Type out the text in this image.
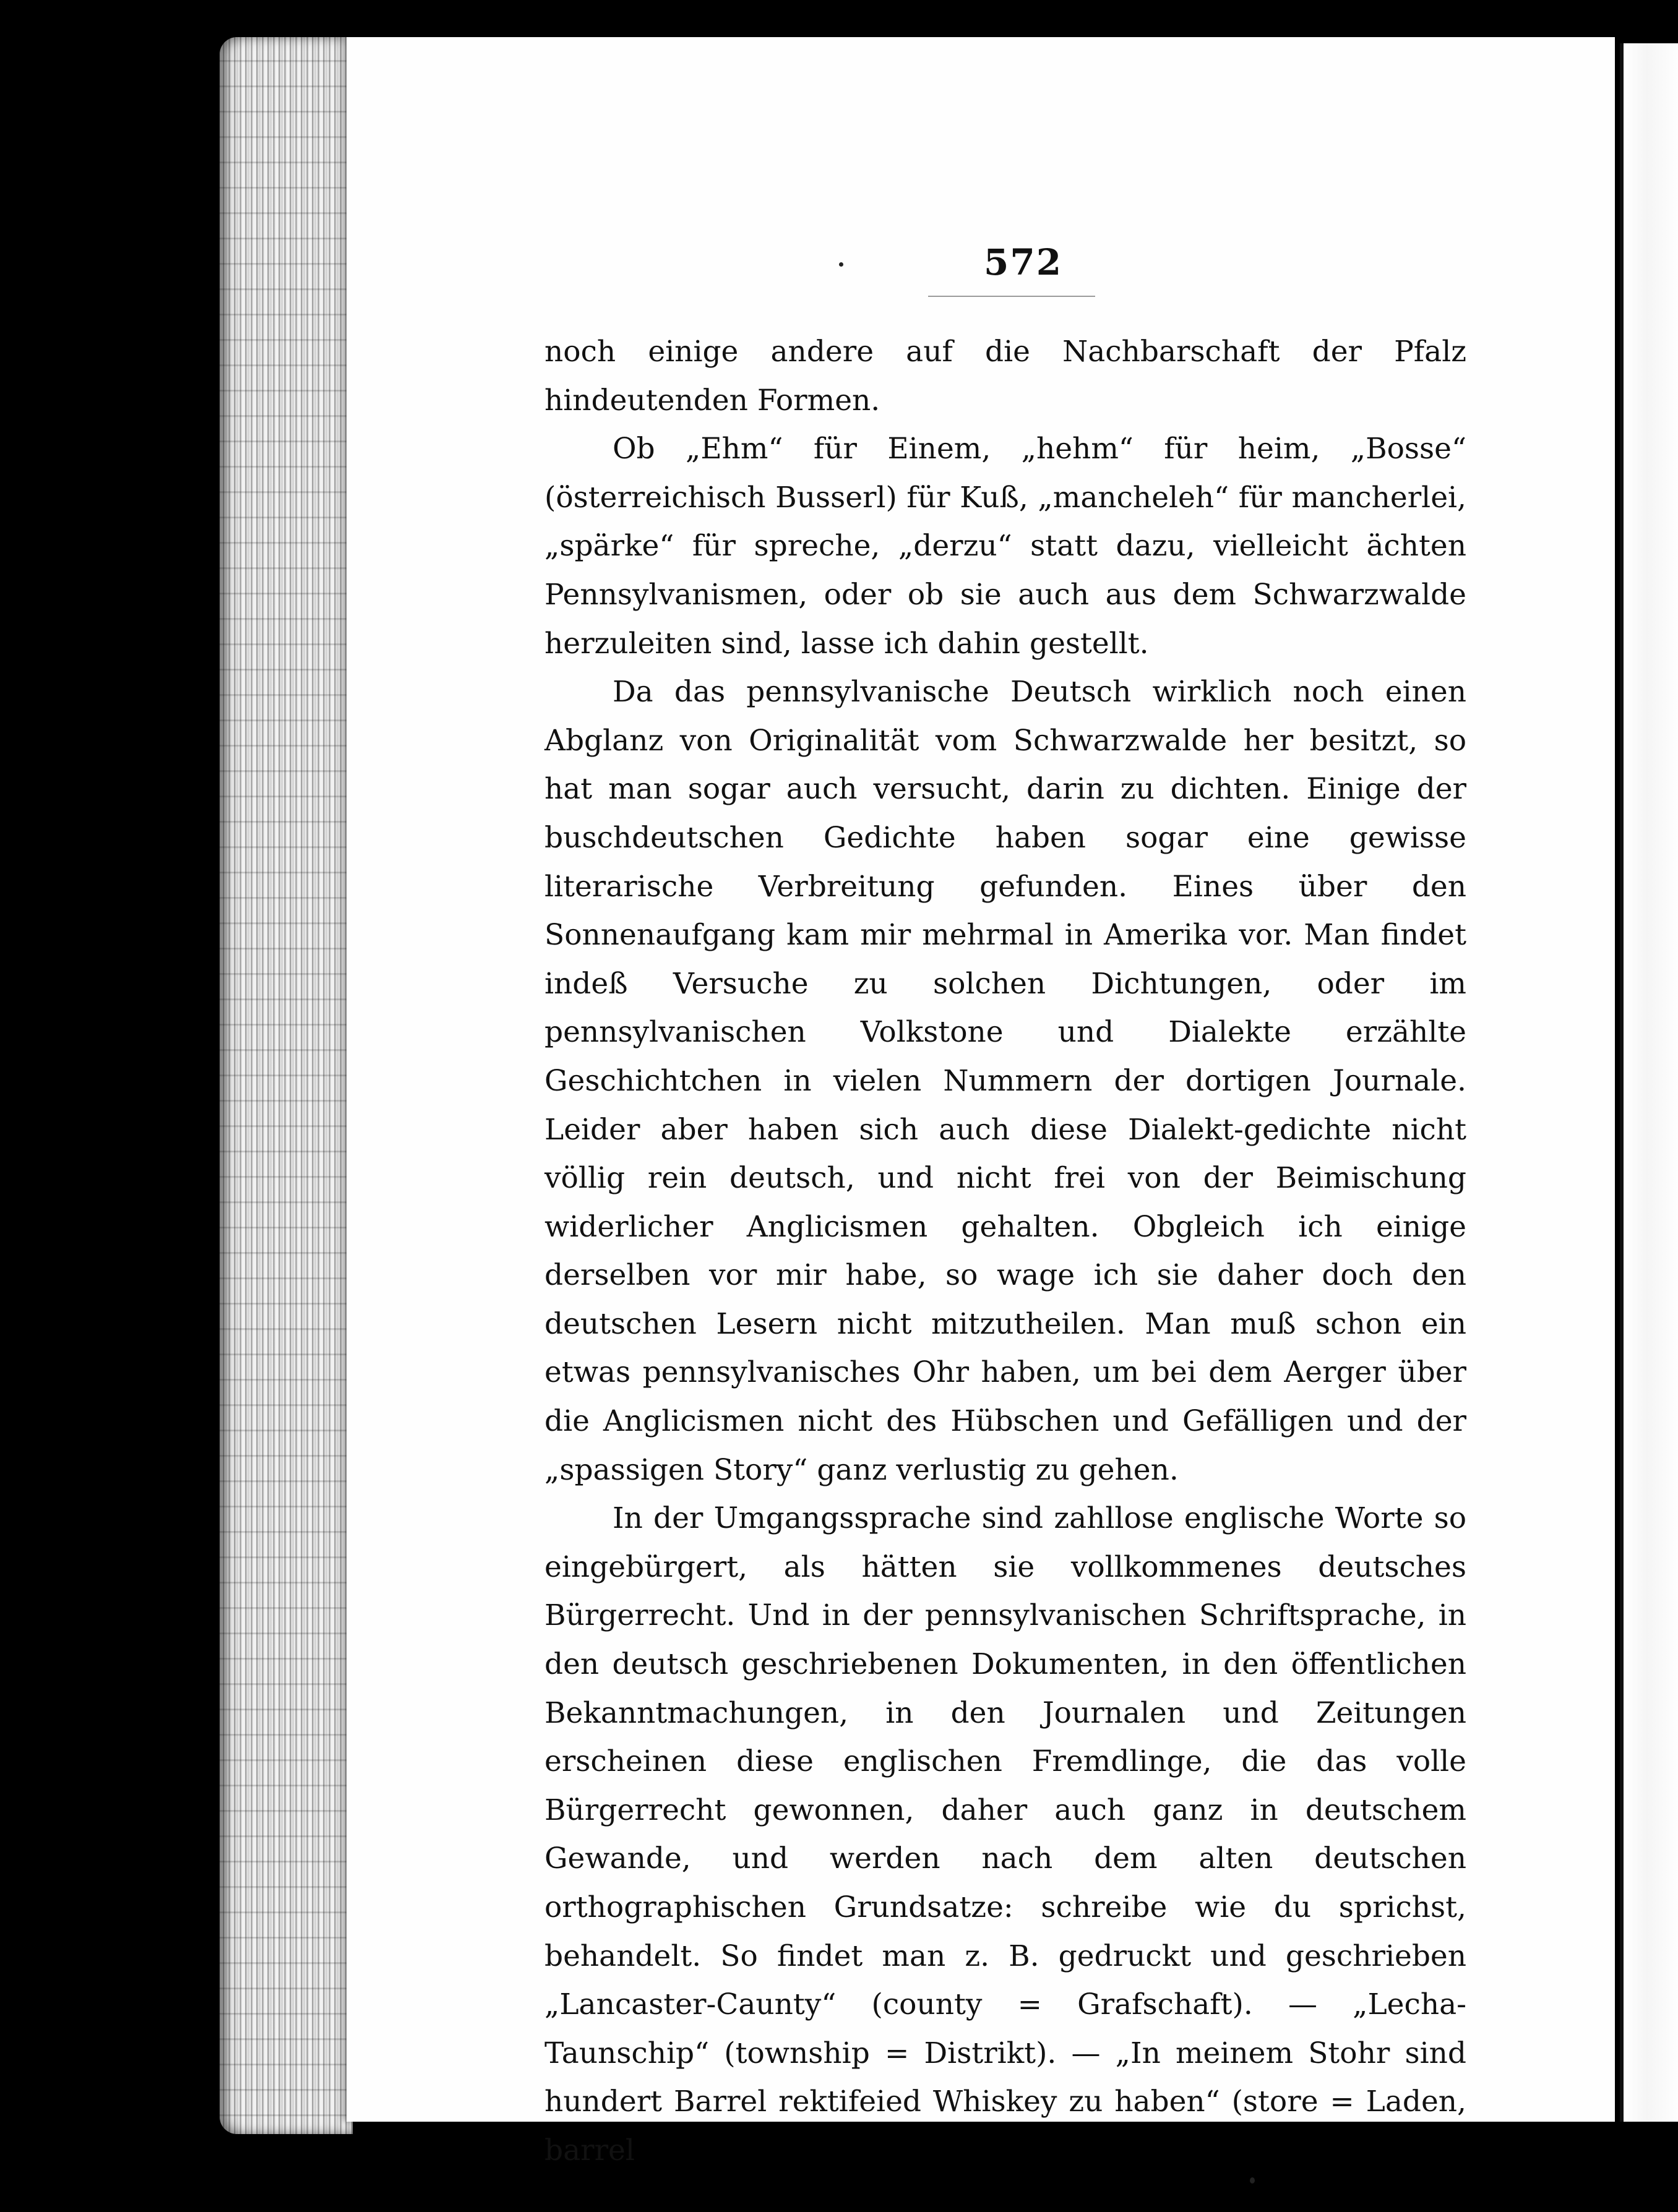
572

noch einige andere auf die Nachbarschaft der Pfalz hindeutenden Formen.

Ob „Ehm“ für Einem, „hehm“ für heim, „Bosse“ (österreichisch Busserl) für Kuß, „mancheleh“ für mancherlei, „spärke“ für spreche, „derzu“ statt dazu, vielleicht ächten Pennsylvanismen, oder ob sie auch aus dem Schwarzwalde herzuleiten sind, lasse ich dahin gestellt.

Da das pennsylvanische Deutsch wirklich noch einen Abglanz von Originalität vom Schwarzwalde her besitzt, so hat man sogar auch versucht, darin zu dichten. Einige der buschdeutschen Gedichte haben sogar eine gewisse literarische Verbreitung gefunden. Eines über den Sonnenaufgang kam mir mehrmal in Amerika vor. Man findet indeß Versuche zu solchen Dichtungen, oder im pennsylvanischen Volkstone und Dialekte erzählte Geschichtchen in vielen Nummern der dortigen Journale. Leider aber haben sich auch diese Dialekt-gedichte nicht völlig rein deutsch, und nicht frei von der Beimischung widerlicher Anglicismen gehalten. Obgleich ich einige derselben vor mir habe, so wage ich sie daher doch den deutschen Lesern nicht mitzutheilen. Man muß schon ein etwas pennsylvanisches Ohr haben, um bei dem Aerger über die Anglicismen nicht des Hübschen und Gefälligen und der „spassigen Story“ ganz verlustig zu gehen.

In der Umgangssprache sind zahllose englische Worte so eingebürgert, als hätten sie vollkommenes deutsches Bürgerrecht. Und in der pennsylvanischen Schriftsprache, in den deutsch geschriebenen Dokumenten, in den öffentlichen Bekanntmachungen, in den Journalen und Zeitungen erscheinen diese englischen Fremdlinge, die das volle Bürgerrecht gewonnen, daher auch ganz in deutschem Gewande, und werden nach dem alten deutschen orthographischen Grundsatze: schreibe wie du sprichst, behandelt. So findet man z. B. gedruckt und geschrieben „Lancaster-Caunty“ (county = Grafschaft). — „Lecha-Taunschip“ (township = Distrikt). — „In meinem Stohr sind hundert Barrel rektifeied Whiskey zu haben“ (store = Laden, barrel
